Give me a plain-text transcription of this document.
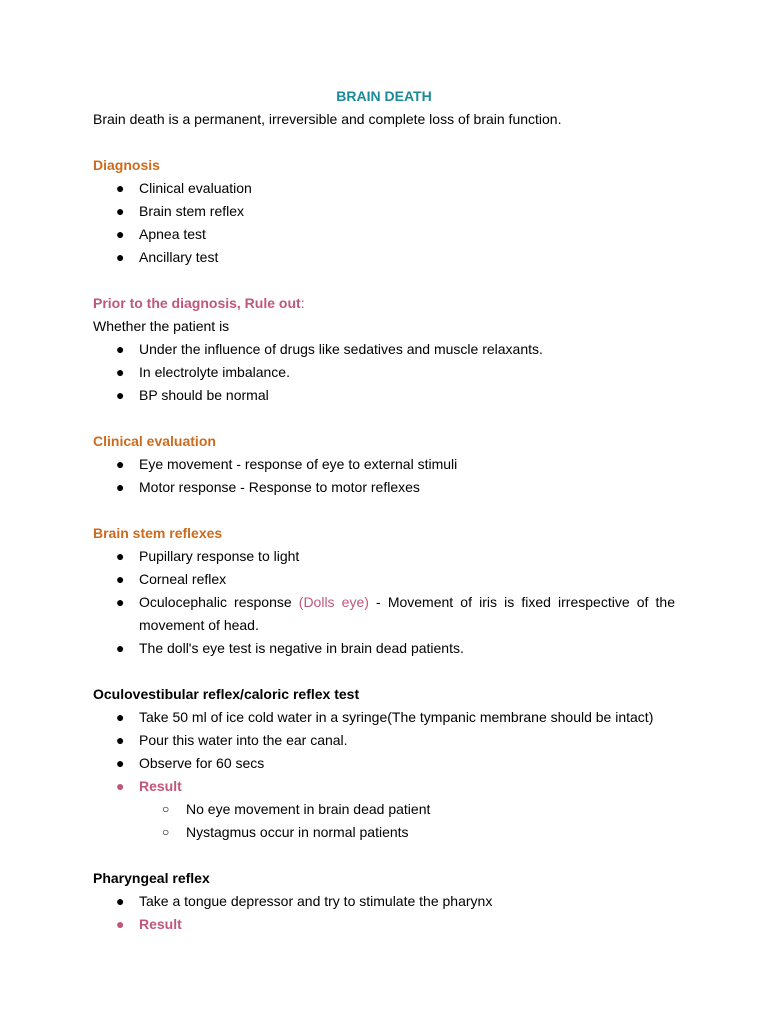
BRAIN DEATH
Brain death is a permanent, irreversible and complete loss of brain function.
Diagnosis
● Clinical evaluation
● Brain stem reflex
● Apnea test
● Ancillary test
Prior to the diagnosis, Rule out:
Whether the patient is
● Under the influence of drugs like sedatives and muscle relaxants.
● In electrolyte imbalance.
● BP should be normal
Clinical evaluation
● Eye movement - response of eye to external stimuli
● Motor response - Response to motor reflexes
Brain stem reflexes
● Pupillary response to light
● Corneal reflex
● Oculocephalic response (Dolls eye) - Movement of iris is fixed irrespective of the movement of head.
● The doll's eye test is negative in brain dead patients.
Oculovestibular reflex/caloric reflex test
● Take 50 ml of ice cold water in a syringe(The tympanic membrane should be intact)
● Pour this water into the ear canal.
● Observe for 60 secs
● Result
○ No eye movement in brain dead patient
○ Nystagmus occur in normal patients
Pharyngeal reflex
● Take a tongue depressor and try to stimulate the pharynx
● Result
